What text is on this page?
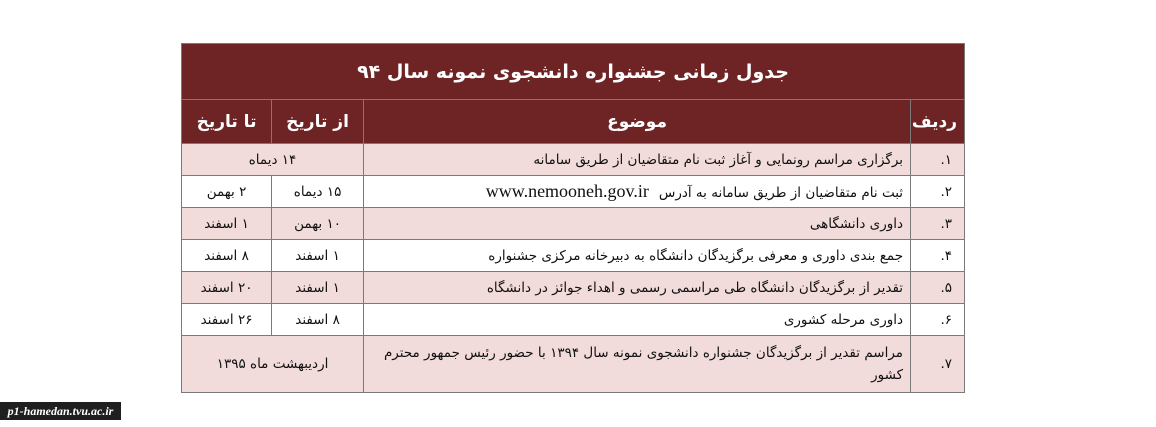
جدول زمانی جشنواره دانشجوی نمونه سال ۹۴			
ردیف	موضوع	از تاریخ	تا تاریخ
۱.	برگزاری مراسم رونمایی و آغاز ثبت نام متقاضیان از طریق سامانه	۱۴ دیماه	
۲.	ثبت نام متقاضیان از طریق سامانه به آدرسwww.nemooneh.gov.ir	۱۵ دیماه	۲ بهمن
۳.	داوری دانشگاهی	۱۰ بهمن	۱ اسفند
۴.	جمع بندی داوری و معرفی برگزیدگان دانشگاه به دبیرخانه مرکزی جشنواره	۱ اسفند	۸ اسفند
۵.	تقدیر از برگزیدگان دانشگاه طی مراسمی رسمی و اهداء جوائز در دانشگاه	۱ اسفند	۲۰ اسفند
۶.	داوری مرحله کشوری	۸ اسفند	۲۶ اسفند
۷.	مراسم تقدیر از برگزیدگان جشنواره دانشجوی نمونه سال ۱۳۹۴ با حضور رئیس جمهور محترم کشور	اردیبهشت ماه ۱۳۹۵	
p1-hamedan.tvu.ac.ir
